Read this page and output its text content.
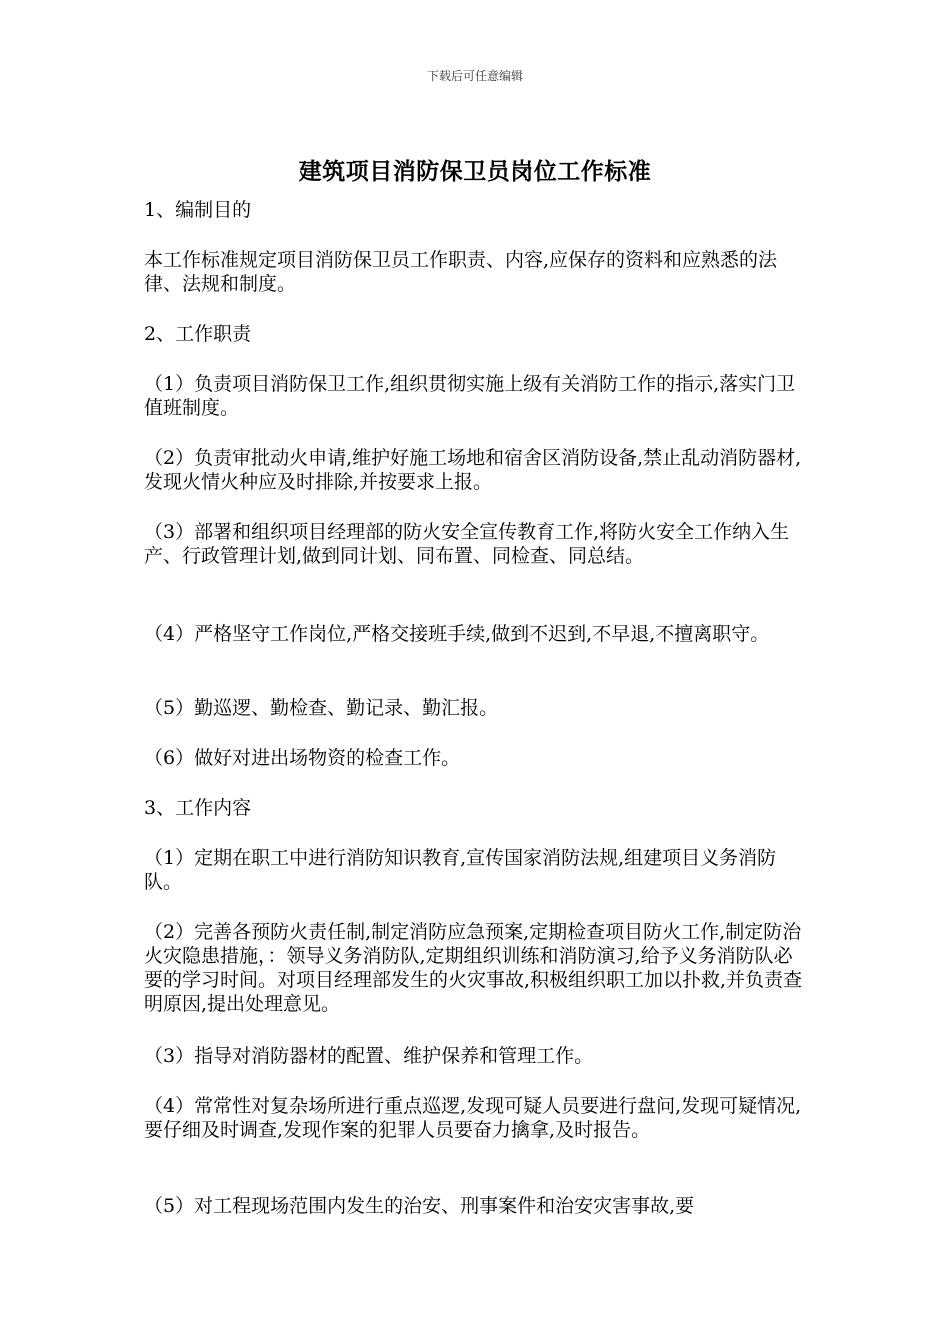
下载后可任意编辑
建筑项目消防保卫员岗位工作标准

1、编制目的

本工作标准规定项目消防保卫员工作职责、内容,应保存的资料和应熟悉的法律、法规和制度。

2、工作职责

（1）负责项目消防保卫工作,组织贯彻实施上级有关消防工作的指示,落实门卫值班制度。

（2）负责审批动火申请,维护好施工场地和宿舍区消防设备,禁止乱动消防器材,发现火情火种应及时排除,并按要求上报。

（3）部署和组织项目经理部的防火安全宣传教育工作,将防火安全工作纳入生产、行政管理计划,做到同计划、同布置、同检查、同总结。

（4）严格坚守工作岗位,严格交接班手续,做到不迟到,不早退,不擅离职守。

（5）勤巡逻、勤检查、勤记录、勤汇报。

（6）做好对进出场物资的检查工作。

3、工作内容

（1）定期在职工中进行消防知识教育,宣传国家消防法规,组建项目义务消防队。

（2）完善各预防火责任制,制定消防应急预案,定期检查项目防火工作,制定防治火灾隐患措施，：领导义务消防队,定期组织训练和消防演习,给予义务消防队必要的学习时间。对项目经理部发生的火灾事故,积极组织职工加以扑救,并负责查明原因,提出处理意见。

（3）指导对消防器材的配置、维护保养和管理工作。

（4）常常性对复杂场所进行重点巡逻,发现可疑人员要进行盘问,发现可疑情况,要仔细及时调查,发现作案的犯罪人员要奋力擒拿,及时报告。

（5）对工程现场范围内发生的治安、刑事案件和治安灾害事故,要
